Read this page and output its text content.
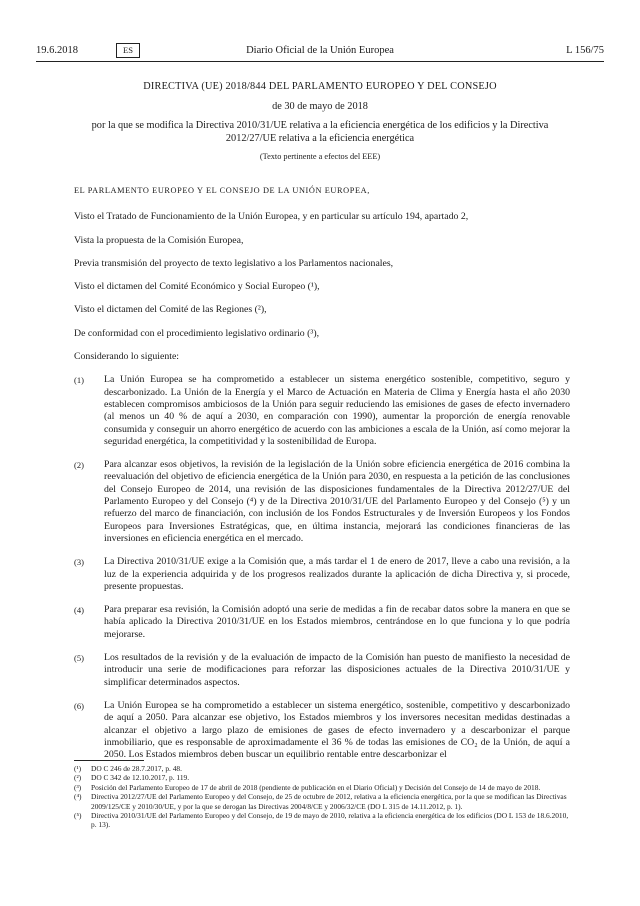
19.6.2018	ES	Diario Oficial de la Unión Europea	L 156/75
DIRECTIVA (UE) 2018/844 DEL PARLAMENTO EUROPEO Y DEL CONSEJO
de 30 de mayo de 2018
por la que se modifica la Directiva 2010/31/UE relativa a la eficiencia energética de los edificios y la Directiva 2012/27/UE relativa a la eficiencia energética
(Texto pertinente a efectos del EEE)
EL PARLAMENTO EUROPEO Y EL CONSEJO DE LA UNIÓN EUROPEA,
Visto el Tratado de Funcionamiento de la Unión Europea, y en particular su artículo 194, apartado 2,
Vista la propuesta de la Comisión Europea,
Previa transmisión del proyecto de texto legislativo a los Parlamentos nacionales,
Visto el dictamen del Comité Económico y Social Europeo (¹),
Visto el dictamen del Comité de las Regiones (²),
De conformidad con el procedimiento legislativo ordinario (³),
Considerando lo siguiente:
(1) La Unión Europea se ha comprometido a establecer un sistema energético sostenible, competitivo, seguro y descarbonizado. La Unión de la Energía y el Marco de Actuación en Materia de Clima y Energía hasta el año 2030 establecen compromisos ambiciosos de la Unión para seguir reduciendo las emisiones de gases de efecto invernadero (al menos un 40 % de aquí a 2030, en comparación con 1990), aumentar la proporción de energía renovable consumida y conseguir un ahorro energético de acuerdo con las ambiciones a escala de la Unión, así como mejorar la seguridad energética, la competitividad y la sostenibilidad de Europa.
(2) Para alcanzar esos objetivos, la revisión de la legislación de la Unión sobre eficiencia energética de 2016 combina la reevaluación del objetivo de eficiencia energética de la Unión para 2030, en respuesta a la petición de las conclusiones del Consejo Europeo de 2014, una revisión de las disposiciones fundamentales de la Directiva 2012/27/UE del Parlamento Europeo y del Consejo (⁴) y de la Directiva 2010/31/UE del Parlamento Europeo y del Consejo (⁵) y un refuerzo del marco de financiación, con inclusión de los Fondos Estructurales y de Inversión Europeos y los Fondos Europeos para Inversiones Estratégicas, que, en última instancia, mejorará las condiciones financieras de las inversiones en eficiencia energética en el mercado.
(3) La Directiva 2010/31/UE exige a la Comisión que, a más tardar el 1 de enero de 2017, lleve a cabo una revisión, a la luz de la experiencia adquirida y de los progresos realizados durante la aplicación de dicha Directiva y, si procede, presente propuestas.
(4) Para preparar esa revisión, la Comisión adoptó una serie de medidas a fin de recabar datos sobre la manera en que se había aplicado la Directiva 2010/31/UE en los Estados miembros, centrándose en lo que funciona y lo que podría mejorarse.
(5) Los resultados de la revisión y de la evaluación de impacto de la Comisión han puesto de manifiesto la necesidad de introducir una serie de modificaciones para reforzar las disposiciones actuales de la Directiva 2010/31/UE y simplificar determinados aspectos.
(6) La Unión Europea se ha comprometido a establecer un sistema energético, sostenible, competitivo y descarbonizado de aquí a 2050. Para alcanzar ese objetivo, los Estados miembros y los inversores necesitan medidas destinadas a alcanzar el objetivo a largo plazo de emisiones de gases de efecto invernadero y a descarbonizar el parque inmobiliario, que es responsable de aproximadamente el 36 % de todas las emisiones de CO₂ de la Unión, de aquí a 2050. Los Estados miembros deben buscar un equilibrio rentable entre descarbonizar el
(¹) DO C 246 de 28.7.2017, p. 48.
(²) DO C 342 de 12.10.2017, p. 119.
(³) Posición del Parlamento Europeo de 17 de abril de 2018 (pendiente de publicación en el Diario Oficial) y Decisión del Consejo de 14 de mayo de 2018.
(⁴) Directiva 2012/27/UE del Parlamento Europeo y del Consejo, de 25 de octubre de 2012, relativa a la eficiencia energética, por la que se modifican las Directivas 2009/125/CE y 2010/30/UE, y por la que se derogan las Directivas 2004/8/CE y 2006/32/CE (DO L 315 de 14.11.2012, p. 1).
(⁵) Directiva 2010/31/UE del Parlamento Europeo y del Consejo, de 19 de mayo de 2010, relativa a la eficiencia energética de los edificios (DO L 153 de 18.6.2010, p. 13).
